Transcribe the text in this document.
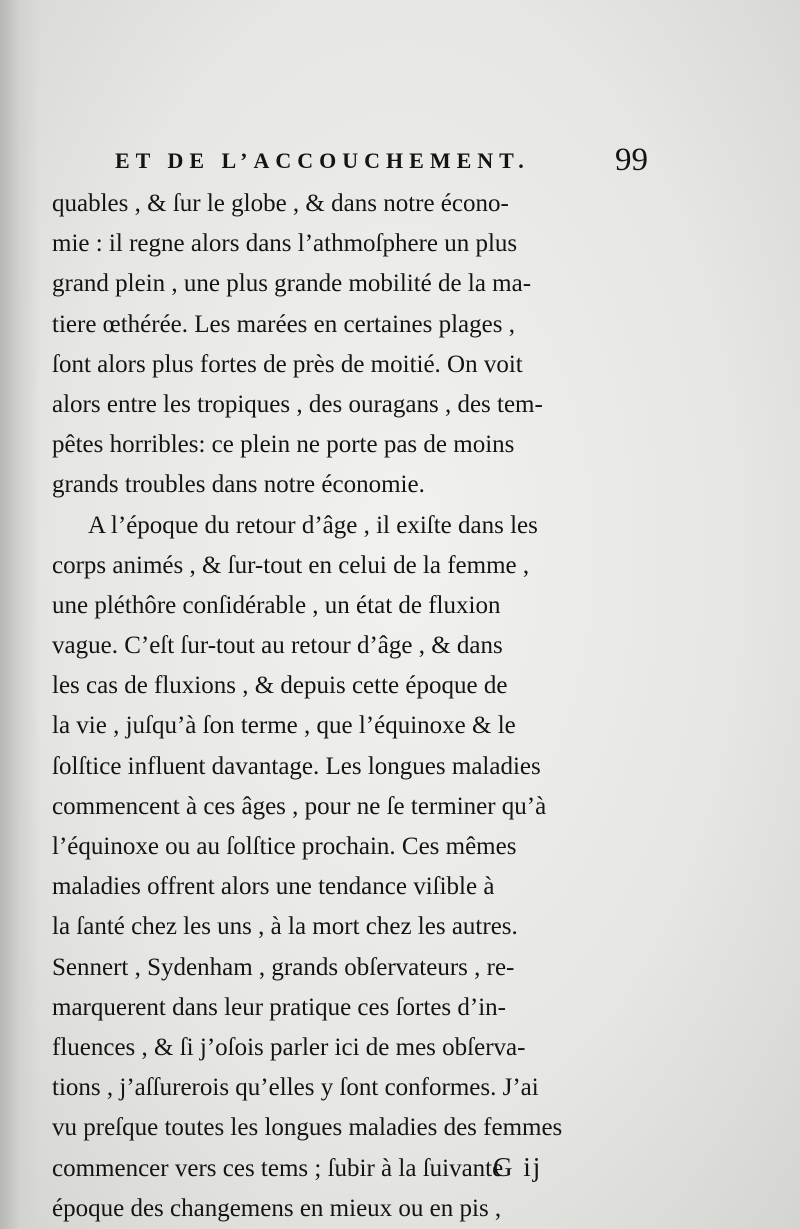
ET DE L’ACCOUCHEMENT.	99
quables , & ſur le globe , & dans notre écono-
mie : il regne alors dans l’athmoſphere un plus
grand plein , une plus grande mobilité de la ma-
tiere œthérée. Les marées en certaines plages ,
ſont alors plus fortes de près de moitié. On voit
alors entre les tropiques , des ouragans , des tem-
pêtes horribles: ce plein ne porte pas de moins
grands troubles dans notre économie.
A l’époque du retour d’âge , il exiſte dans les
corps animés , & ſur-tout en celui de la femme ,
une pléthôre conſidérable , un état de fluxion
vague. C’eſt ſur-tout au retour d’âge , & dans
les cas de fluxions , & depuis cette époque de
la vie , juſqu’à ſon terme , que l’équinoxe & le
ſolſtice influent davantage. Les longues maladies
commencent à ces âges , pour ne ſe terminer qu’à
l’équinoxe ou au ſolſtice prochain. Ces mêmes
maladies offrent alors une tendance viſible à
la ſanté chez les uns , à la mort chez les autres.
Sennert , Sydenham , grands obſervateurs , re-
marquerent dans leur pratique ces ſortes d’in-
fluences , & ſi j’oſois parler ici de mes obſerva-
tions , j’aſſurerois qu’elles y ſont conformes. J’ai
vu preſque toutes les longues maladies des femmes
commencer vers ces tems ; ſubir à la ſuivante
époque des changemens en mieux ou en pis ,
G ij
